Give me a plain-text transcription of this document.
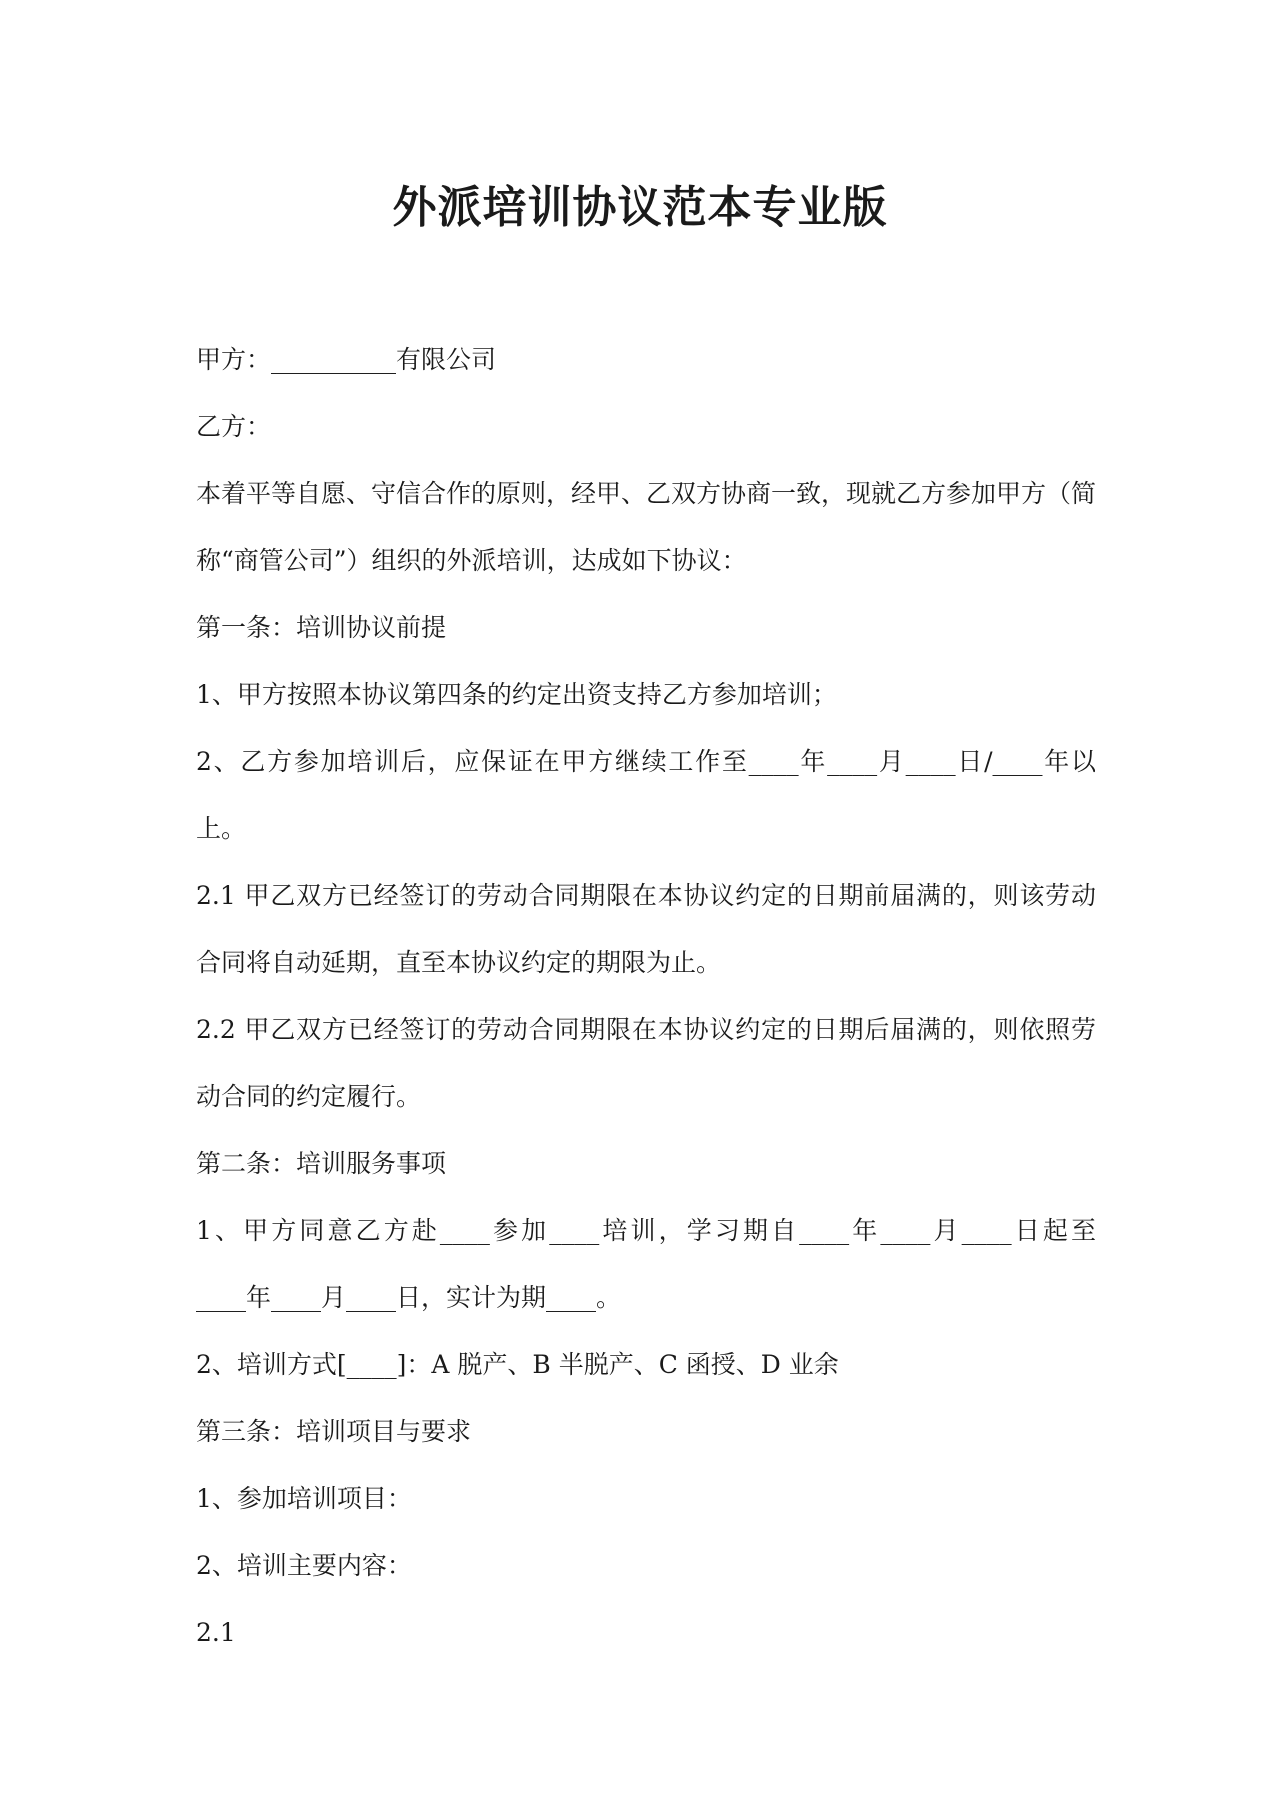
外派培训协议范本专业版

甲方：__________有限公司

乙方：

本着平等自愿、守信合作的原则，经甲、乙双方协商一致，现就乙方参加甲方（简

称“商管公司”）组织的外派培训，达成如下协议：

第一条：培训协议前提

1、甲方按照本协议第四条的约定出资支持乙方参加培训；

2、乙方参加培训后，应保证在甲方继续工作至____年____月____日/____年以

上。

2.1 甲乙双方已经签订的劳动合同期限在本协议约定的日期前届满的，则该劳动

合同将自动延期，直至本协议约定的期限为止。

2.2 甲乙双方已经签订的劳动合同期限在本协议约定的日期后届满的，则依照劳

动合同的约定履行。

第二条：培训服务事项

1、甲方同意乙方赴____参加____培训，学习期自____年____月____日起至

____年____月____日，实计为期____。

2、培训方式[____]：A 脱产、B 半脱产、C 函授、D 业余

第三条：培训项目与要求

1、参加培训项目：

2、培训主要内容：

2.1
